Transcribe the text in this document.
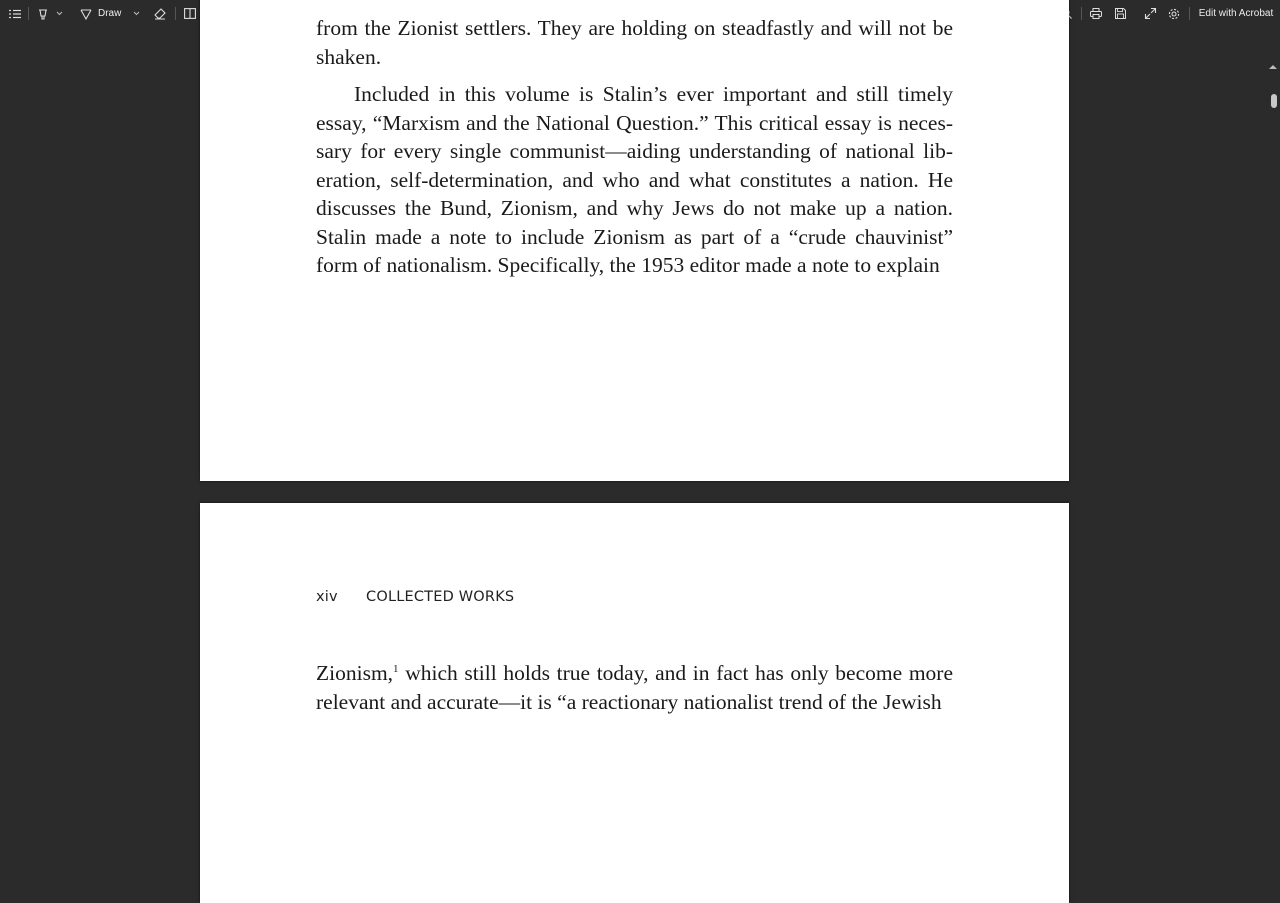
Draw
14	Edit with Acrobat

from the Zionist settlers. They are holding on steadfastly and will not be shaken.

Included in this volume is Stalin’s ever important and still timely essay, “Marxism and the National Question.” This critical essay is necessary for every single communist—aiding understanding of national liberation, self-determination, and who and what constitutes a nation. He discusses the Bund, Zionism, and why Jews do not make up a nation. Stalin made a note to include Zionism as part of a “crude chauvinist” form of nationalism. Specifically, the 1953 editor made a note to explain

xiv COLLECTED WORKS

Zionism,$^1$ which still holds true today, and in fact has only become more relevant and accurate—it is “a reactionary nationalist trend of the Jewish
